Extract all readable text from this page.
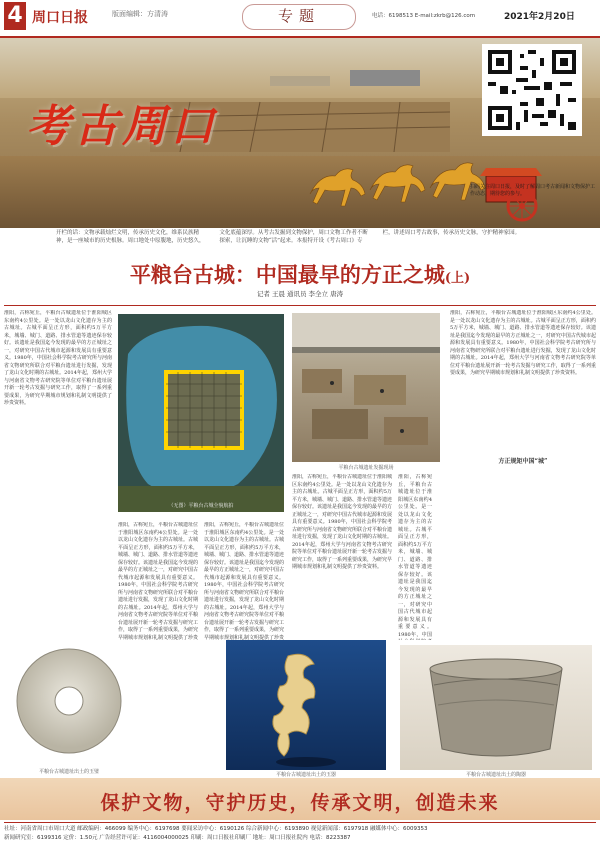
4 周口日报	版面编辑：方清涛	专题	电话：6198513 E-mail:zkrb@126.com	2021年2月20日
考古周口
扫码关注周口日报，及时了解周口考古新闻和文物保护工作动态，期待您的参与。
开栏的话：文物承载灿烂文明，传承历史文化，维系民族精神，是一座城市的历史根脉。周口地处中原腹地，历史悠久，文化底蕴深厚。从考古发掘到文物保护，周口文物工作者不断探索，让沉睡的文物“活”起来。本报特开设《考古周口》专栏，讲述周口考古故事，传承历史文脉，守护精神家园。
平粮台古城：中国最早的方正之城(上)
记者 王晨 通讯员 李全立 唐涛
淮阳，古称宛丘，平粮台古城遗址位于淮阳城区东南约4公里处。是一处以龙山文化遗存为主的古城址。古城平面呈正方形，面积约5万平方米，城墙、城门、道路、排水管道等遗迹保存较好。该遗址是我国迄今发现的最早的方正城址之一，对研究中国古代城市起源和发展具有重要意义。1980年，中国社会科学院考古研究所与河南省文物研究所联合对平粮台遗址进行发掘，发现了龙山文化时期的古城址。2014年起，郑州大学与河南省文物考古研究院等单位对平粮台遗址展开新一轮考古发掘与研究工作，取得了一系列重要成果，为研究早期城市规划和礼制文明提供了珍贵资料。
淮阳，古称宛丘，平粮台古城遗址位于淮阳城区东南约4公里处。是一处以龙山文化遗存为主的古城址。古城平面呈正方形，面积约5万平方米，城墙、城门、道路、排水管道等遗迹保存较好。该遗址是我国迄今发现的最早的方正城址之一，对研究中国古代城市起源和发展具有重要意义。1980年，中国社会科学院考古研究所与河南省文物研究所联合对平粮台遗址进行发掘，发现了龙山文化时期的古城址。2014年起，郑州大学与河南省文物考古研究院等单位对平粮台遗址展开新一轮考古发掘与研究工作，取得了一系列重要成果，为研究早期城市规划和礼制文明提供了珍贵
淮阳，古称宛丘，平粮台古城遗址位于淮阳城区东南约4公里处。是一处以龙山文化遗存为主的古城址。古城平面呈正方形，面积约5万平方米，城墙、城门、道路、排水管道等遗迹保存较好。该遗址是我国迄今发现的最早的方正城址之一，对研究中国古代城市起源和发展具有重要意义。1980年，中国社会科学院考古研究所与河南省文物研究所联合对平粮台遗址进行发掘，发现了龙山文化时期的古城址。2014年起，郑州大学与河南省文物考古研究院等单位对平粮台遗址展开新一轮考古发掘与研究工作，取得了一系列重要成果，为研究早期城市规划和礼制文明提供了珍贵
淮阳，古称宛丘，平粮台古城遗址位于淮阳城区东南约4公里处。是一处以龙山文化遗存为主的古城址。古城平面呈正方形，面积约5万平方米，城墙、城门、道路、排水管道等遗迹保存较好。该遗址是我国迄今发现的最早的方正城址之一，对研究中国古代城市起源和发展具有重要意义。1980年，中国社会科学院考古研究所与河南省文物研究所联合对平粮台遗址进行发掘，发现了龙山文化时期的古城址。2014年起，郑州大学与河南省文物考古研究院等单位对平粮台遗址展开新一轮考古发掘与研究工作，取得了一系列重要成果，为研究早期城市规划和礼制文明提供了珍贵资料。
淮阳，古称宛丘，平粮台古城遗址位于淮阳城区东南约4公里处。是一处以龙山文化遗存为主的古城址。古城平面呈正方形，面积约5万平方米，城墙、城门、道路、排水管道等遗迹保存较好。该遗址是我国迄今发现的最早的方正城址之一，对研究中国古代城市起源和发展具有重要意义。1980年，中国
淮阳，古称宛丘，平粮台古城遗址位于淮阳城区东南约4公里处。是一处以龙山文化遗存为主的古城址。古城平面呈正方形，面积约5万平方米，城墙、城门、道路、排水管道等遗迹保存较好。该遗址是我国迄今发现的最早的方正城址之一，对研究中国古代城市起源和发展具有重要意义。1980年，中国社会科学院考古研究所与河南省文物研究所联合对平粮台遗址进行发掘，发现了龙山文化时期的古城址。2014年起，郑州大学与河南省文物考古研究院等单位对平粮台遗址展开新一轮考古发掘与研究工作，取得了一系列重要成果，为研究早期城市规划和礼制文明提供了珍贵资料。
（无图）平粮台古城全貌航拍
平粮台古城遗址发掘现场
方正规矩中国“城”
平粮台古城遗址出土的玉璧	平粮台古城遗址出土的玉器	平粮台古城遗址出土的陶器
保护文物，守护历史，传承文明，创造未来
社址：河南省周口市周口大道 邮政编码：466099 编务中心：6197698 要闻采访中心：6190126 综合新闻中心：6193890 视觉新闻部：6197918 融媒体中心：6009353
新闻研究室：6199316 定价：1.50元 广告经营许可证：4116004000025 印刷：周口日报社印刷厂 地址：周口日报社院内 电话：8223387
